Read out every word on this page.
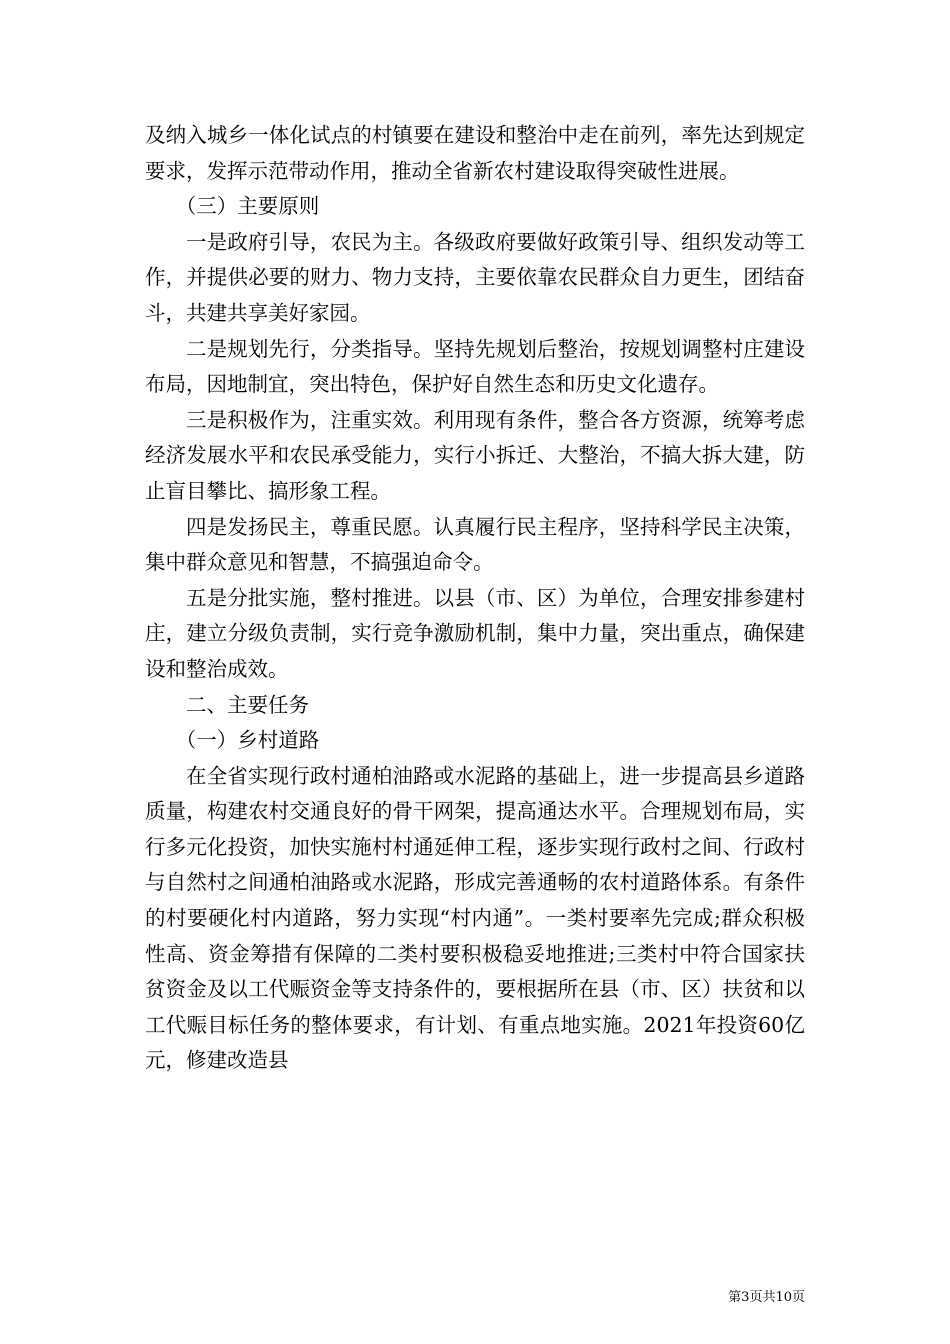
及纳入城乡一体化试点的村镇要在建设和整治中走在前列，率先达到规定要求，发挥示范带动作用，推动全省新农村建设取得突破性进展。

（三）主要原则

一是政府引导，农民为主。各级政府要做好政策引导、组织发动等工作，并提供必要的财力、物力支持，主要依靠农民群众自力更生，团结奋斗，共建共享美好家园。

二是规划先行，分类指导。坚持先规划后整治，按规划调整村庄建设布局，因地制宜，突出特色，保护好自然生态和历史文化遗存。

三是积极作为，注重实效。利用现有条件，整合各方资源，统筹考虑经济发展水平和农民承受能力，实行小拆迁、大整治，不搞大拆大建，防止盲目攀比、搞形象工程。

四是发扬民主，尊重民愿。认真履行民主程序，坚持科学民主决策，集中群众意见和智慧，不搞强迫命令。

五是分批实施，整村推进。以县（市、区）为单位，合理安排参建村庄，建立分级负责制，实行竞争激励机制，集中力量，突出重点，确保建设和整治成效。

二、主要任务

（一）乡村道路

在全省实现行政村通柏油路或水泥路的基础上，进一步提高县乡道路质量，构建农村交通良好的骨干网架，提高通达水平。合理规划布局，实行多元化投资，加快实施村村通延伸工程，逐步实现行政村之间、行政村与自然村之间通柏油路或水泥路，形成完善通畅的农村道路体系。有条件的村要硬化村内道路，努力实现“村内通”。一类村要率先完成;群众积极性高、资金筹措有保障的二类村要积极稳妥地推进;三类村中符合国家扶贫资金及以工代赈资金等支持条件的，要根据所在县（市、区）扶贫和以工代赈目标任务的整体要求，有计划、有重点地实施。2021年投资60亿元，修建改造县

第3页共10页
